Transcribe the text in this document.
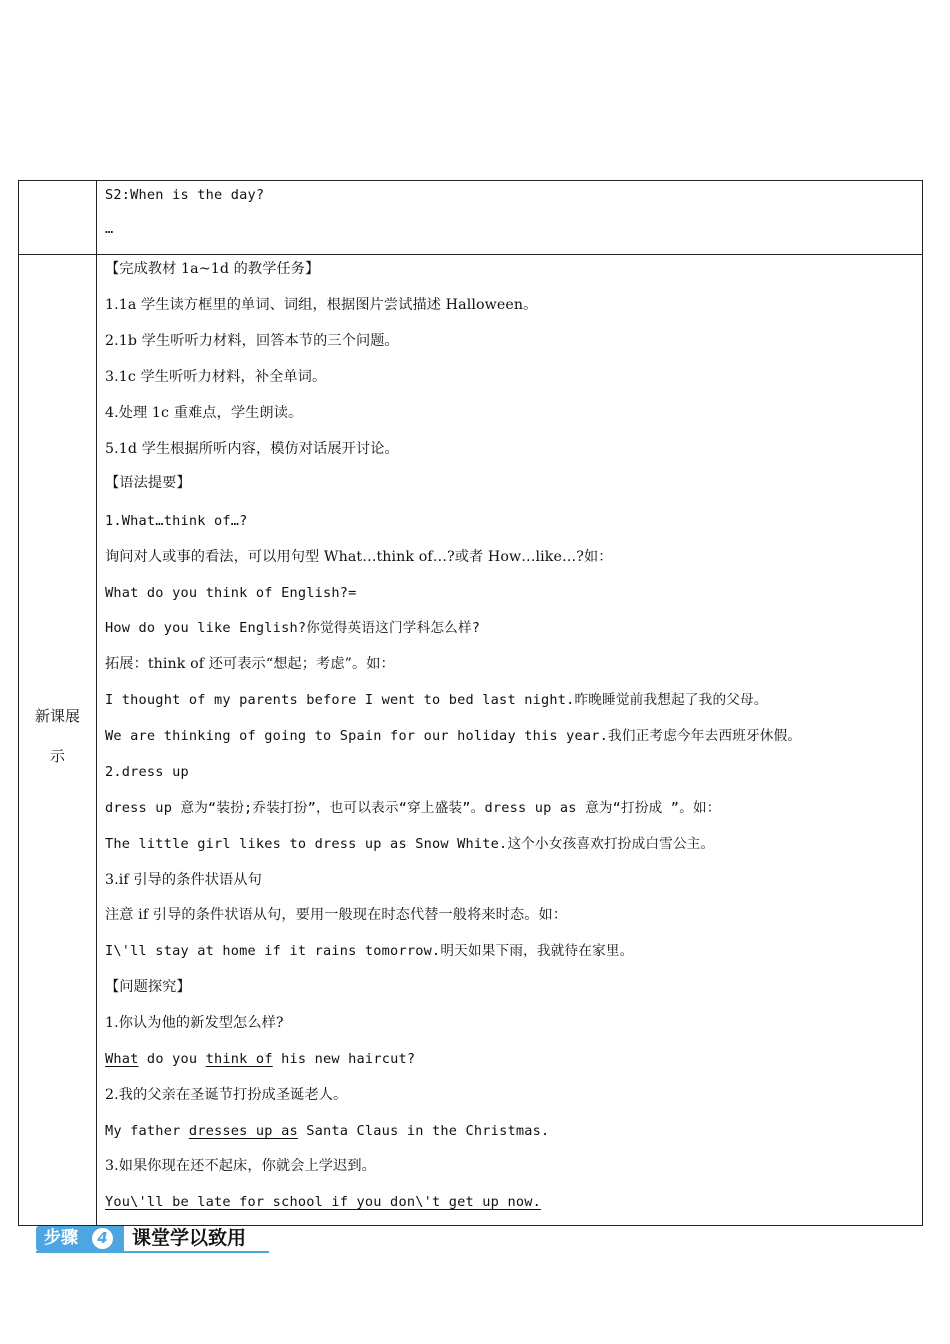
S2:When is the day?
…
新课展
示
【完成教材 1a~1d 的教学任务】
1.1a 学生读方框里的单词、词组，根据图片尝试描述 Halloween。
2.1b 学生听听力材料，回答本节的三个问题。
3.1c 学生听听力材料，补全单词。
4.处理 1c 重难点，学生朗读。
5.1d 学生根据所听内容，模仿对话展开讨论。
【语法提要】
1.What…think of…?
询问对人或事的看法，可以用句型 What…think of…?或者 How…like…?如：
What do you think of English?=
How do you like English?你觉得英语这门学科怎么样?
拓展：think of 还可表示“想起；考虑”。如：
I thought of my parents before I went to bed last night.昨晚睡觉前我想起了我的父母。
We are thinking of going to Spain for our holiday this year.我们正考虑今年去西班牙休假。
2.dress up
dress up 意为“装扮;乔装打扮”，也可以表示“穿上盛装”。dress up as 意为“打扮成 ”。如：
The little girl likes to dress up as Snow White.这个小女孩喜欢打扮成白雪公主。
3.if 引导的条件状语从句
注意 if 引导的条件状语从句，要用一般现在时态代替一般将来时态。如：
I\'ll stay at home if it rains tomorrow.明天如果下雨，我就待在家里。
【问题探究】
1.你认为他的新发型怎么样?
What do you think of his new haircut?
2.我的父亲在圣诞节打扮成圣诞老人。
My father dresses up as Santa Claus in the Christmas.
3.如果你现在还不起床，你就会上学迟到。
You\'ll be late for school if you don\'t get up now.
步骤	4	课堂学以致用
